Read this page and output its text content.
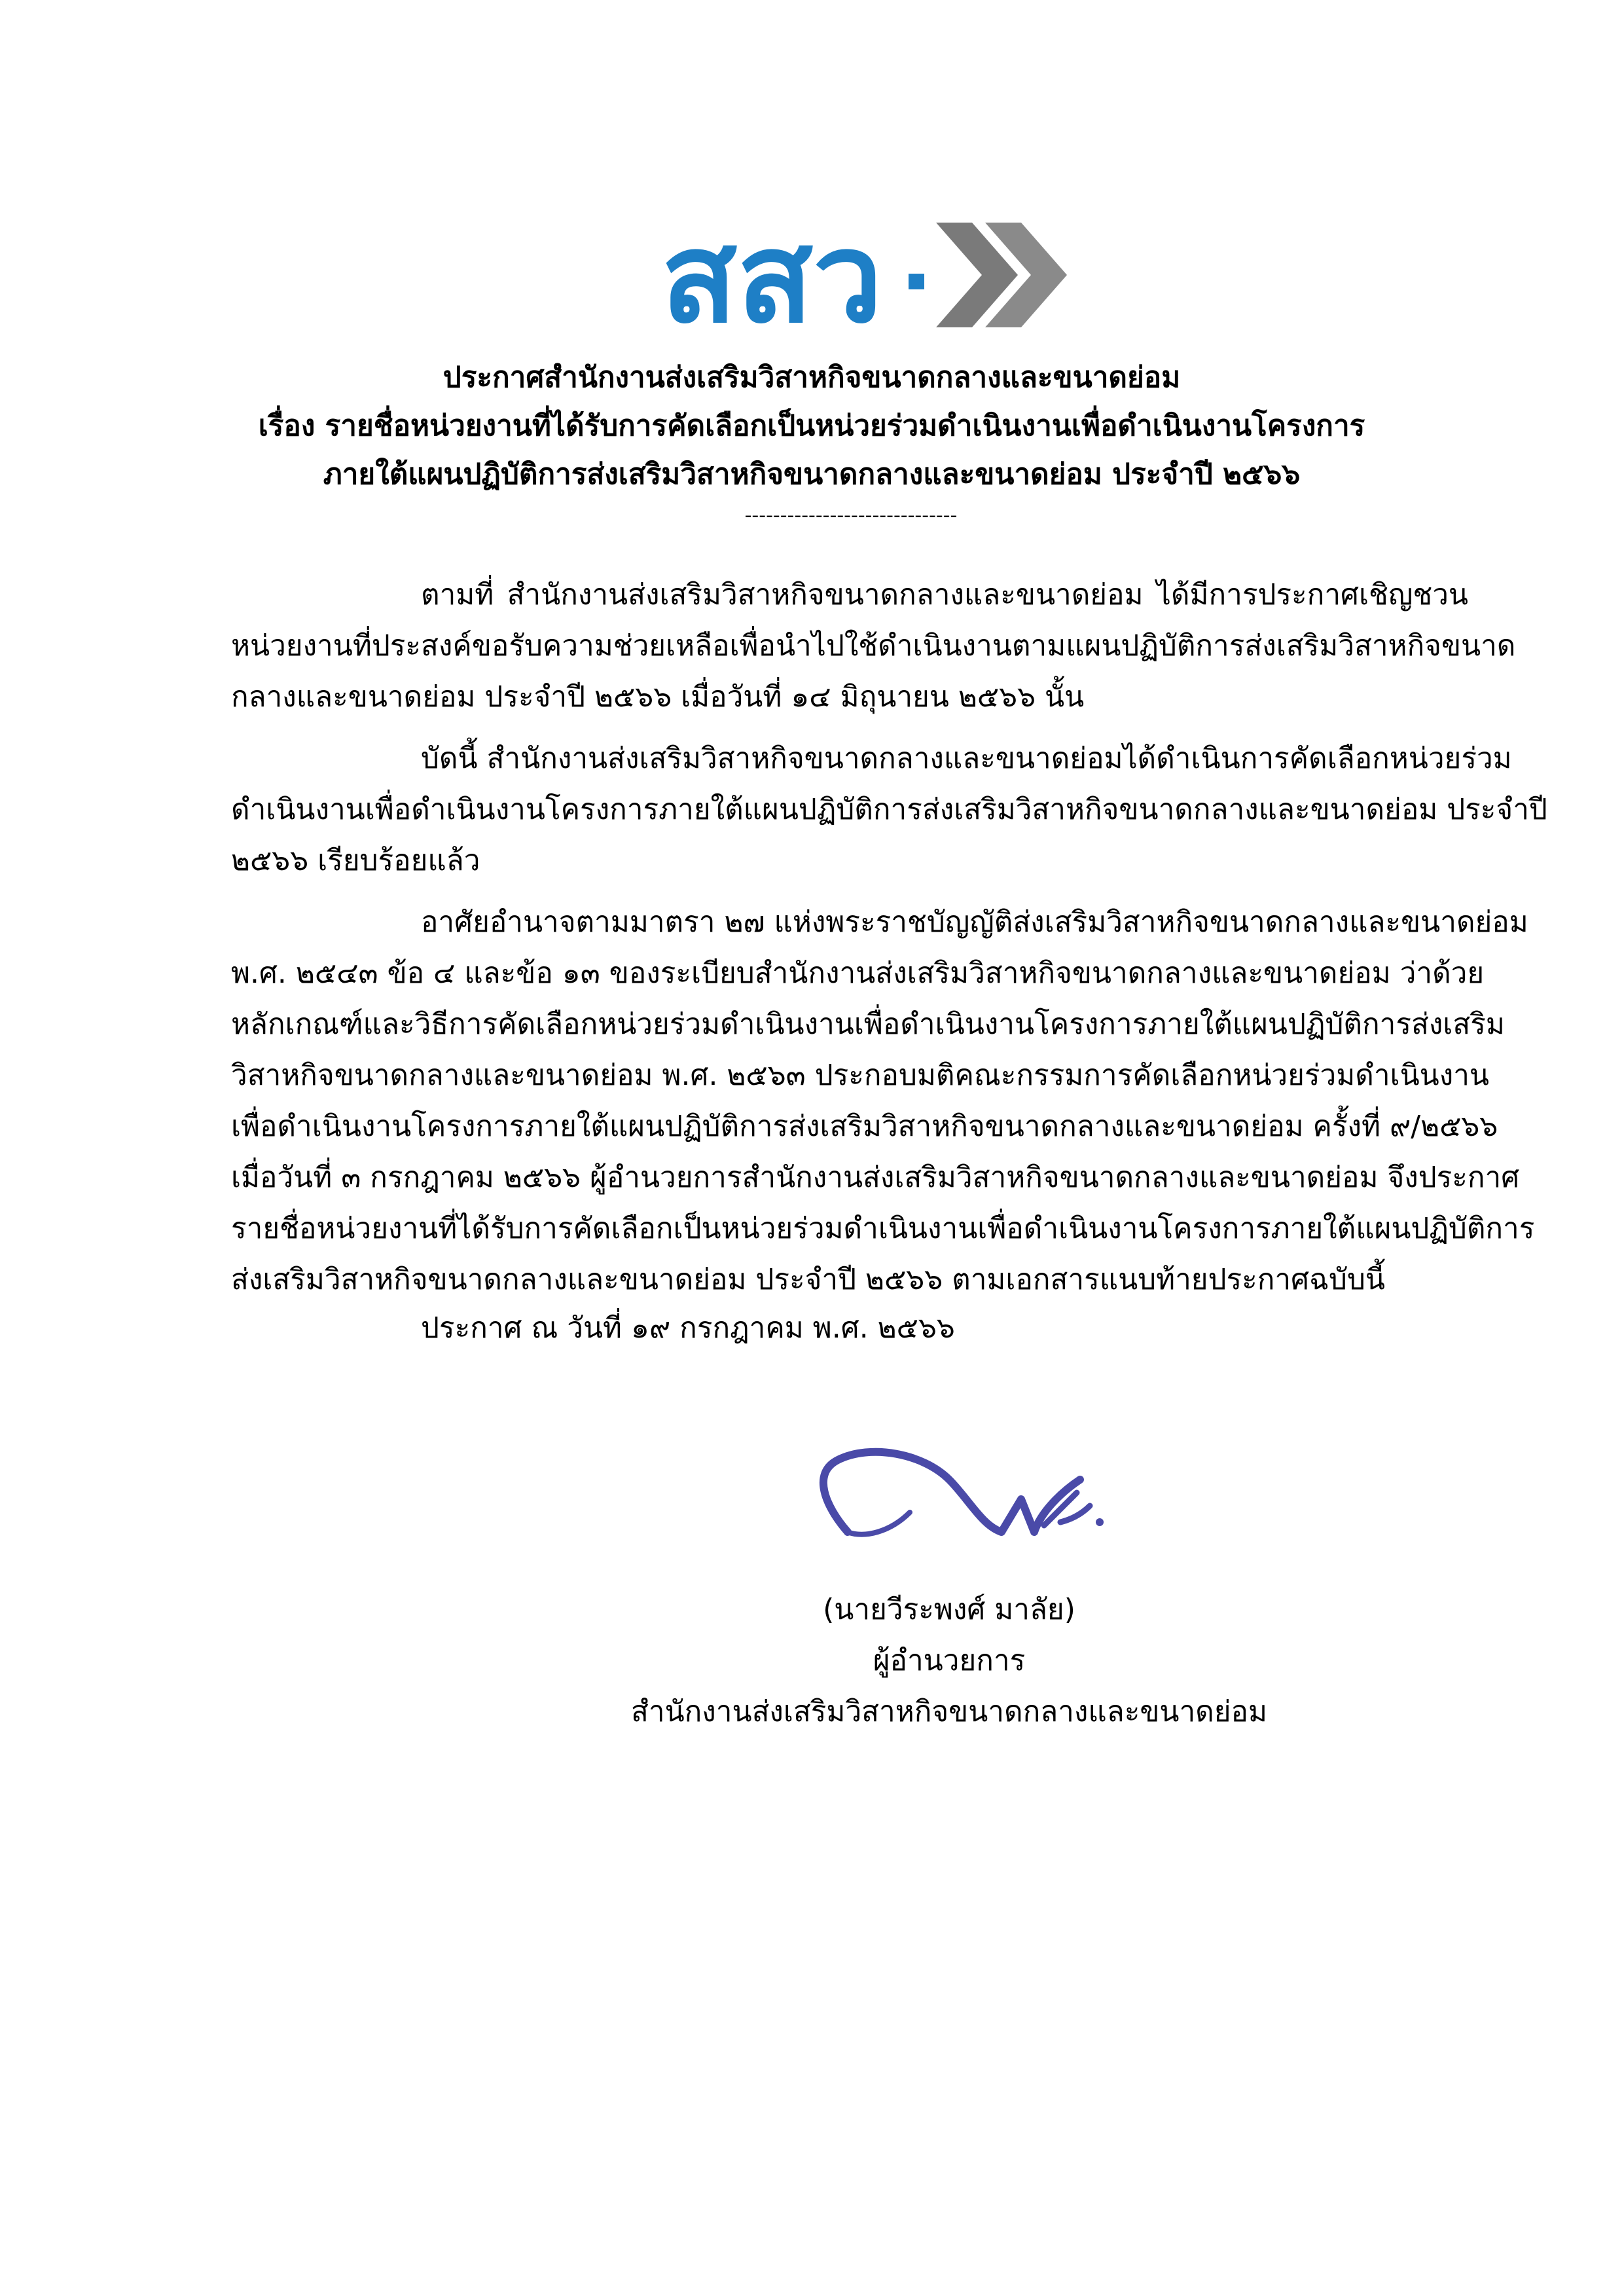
สสว
ประกาศสำนักงานส่งเสริมวิสาหกิจขนาดกลางและขนาดย่อม
เรื่อง รายชื่อหน่วยงานที่ได้รับการคัดเลือกเป็นหน่วยร่วมดำเนินงานเพื่อดำเนินงานโครงการ
ภายใต้แผนปฏิบัติการส่งเสริมวิสาหกิจขนาดกลางและขนาดย่อม ประจำปี ๒๕๖๖
------------------------------

ตามที่ สำนักงานส่งเสริมวิสาหกิจขนาดกลางและขนาดย่อม ได้มีการประกาศเชิญชวน
หน่วยงานที่ประสงค์ขอรับความช่วยเหลือเพื่อนำไปใช้ดำเนินงานตามแผนปฏิบัติการส่งเสริมวิสาหกิจขนาด
กลางและขนาดย่อม ประจำปี ๒๕๖๖ เมื่อวันที่ ๑๔ มิถุนายน ๒๕๖๖ นั้น

บัดนี้ สำนักงานส่งเสริมวิสาหกิจขนาดกลางและขนาดย่อมได้ดำเนินการคัดเลือกหน่วยร่วม
ดำเนินงานเพื่อดำเนินงานโครงการภายใต้แผนปฏิบัติการส่งเสริมวิสาหกิจขนาดกลางและขนาดย่อม ประจำปี
๒๕๖๖ เรียบร้อยแล้ว

อาศัยอำนาจตามมาตรา ๒๗ แห่งพระราชบัญญัติส่งเสริมวิสาหกิจขนาดกลางและขนาดย่อม
พ.ศ. ๒๕๔๓ ข้อ ๔ และข้อ ๑๓ ของระเบียบสำนักงานส่งเสริมวิสาหกิจขนาดกลางและขนาดย่อม ว่าด้วย
หลักเกณฑ์และวิธีการคัดเลือกหน่วยร่วมดำเนินงานเพื่อดำเนินงานโครงการภายใต้แผนปฏิบัติการส่งเสริม
วิสาหกิจขนาดกลางและขนาดย่อม พ.ศ. ๒๕๖๓ ประกอบมติคณะกรรมการคัดเลือกหน่วยร่วมดำเนินงาน
เพื่อดำเนินงานโครงการภายใต้แผนปฏิบัติการส่งเสริมวิสาหกิจขนาดกลางและขนาดย่อม ครั้งที่ ๙/๒๕๖๖
เมื่อวันที่ ๓ กรกฎาคม ๒๕๖๖ ผู้อำนวยการสำนักงานส่งเสริมวิสาหกิจขนาดกลางและขนาดย่อม จึงประกาศ
รายชื่อหน่วยงานที่ได้รับการคัดเลือกเป็นหน่วยร่วมดำเนินงานเพื่อดำเนินงานโครงการภายใต้แผนปฏิบัติการ
ส่งเสริมวิสาหกิจขนาดกลางและขนาดย่อม ประจำปี ๒๕๖๖ ตามเอกสารแนบท้ายประกาศฉบับนี้

ประกาศ ณ วันที่ ๑๙ กรกฎาคม พ.ศ. ๒๕๖๖

(นายวีระพงศ์ มาลัย)
ผู้อำนวยการ
สำนักงานส่งเสริมวิสาหกิจขนาดกลางและขนาดย่อม
